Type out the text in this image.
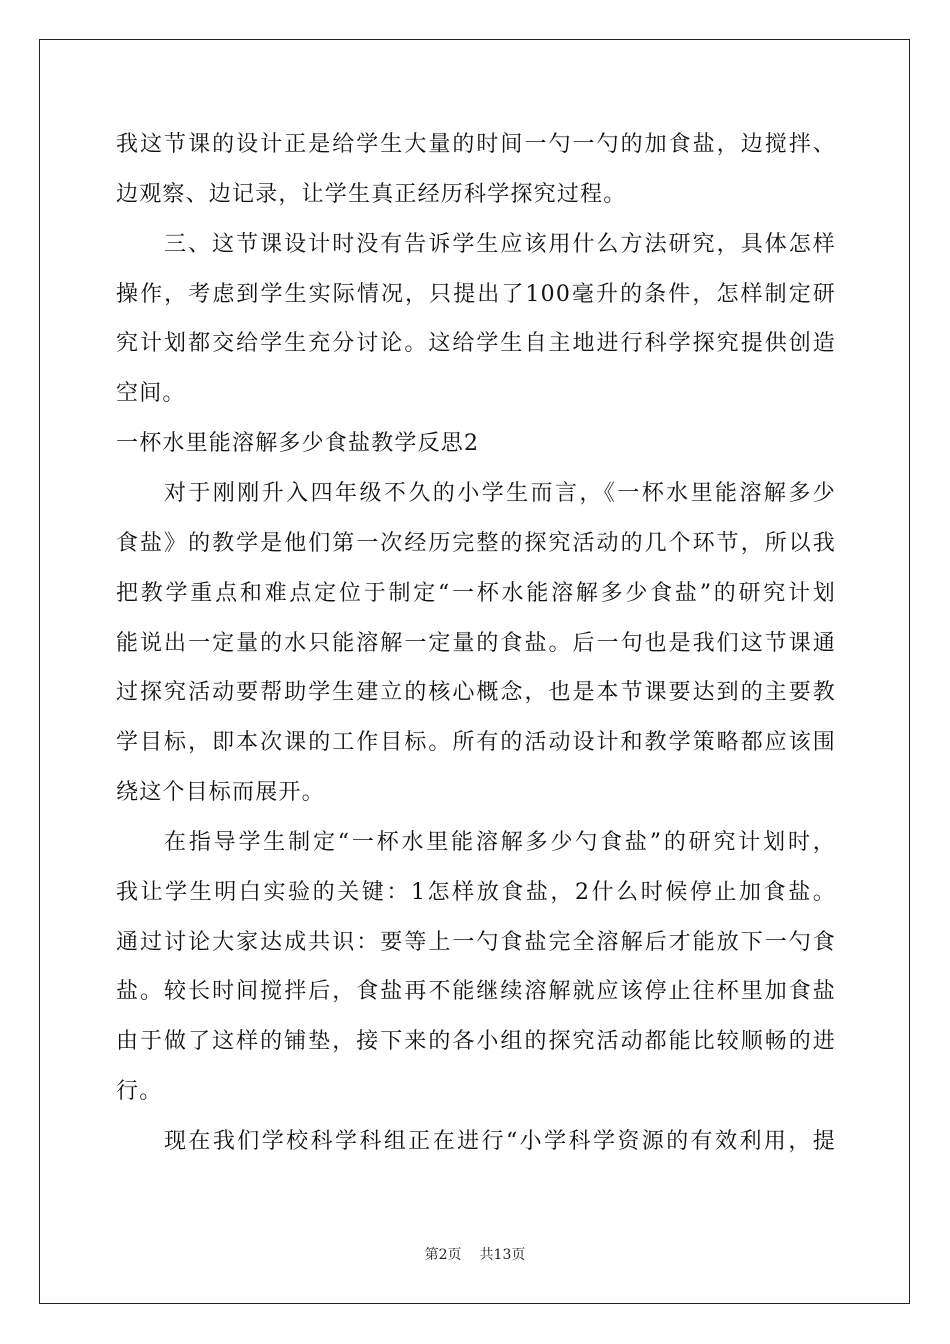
我这节课的设计正是给学生大量的时间一勺一勺的加食盐，边搅拌、
边观察、边记录，让学生真正经历科学探究过程。
三、这节课设计时没有告诉学生应该用什么方法研究，具体怎样
操作，考虑到学生实际情况，只提出了100毫升的条件，怎样制定研
究计划都交给学生充分讨论。这给学生自主地进行科学探究提供创造
空间。
一杯水里能溶解多少食盐教学反思2
对于刚刚升入四年级不久的小学生而言，《一杯水里能溶解多少
食盐》的教学是他们第一次经历完整的探究活动的几个环节，所以我
把教学重点和难点定位于制定“一杯水能溶解多少食盐”的研究计划
能说出一定量的水只能溶解一定量的食盐。后一句也是我们这节课通
过探究活动要帮助学生建立的核心概念，也是本节课要达到的主要教
学目标，即本次课的工作目标。所有的活动设计和教学策略都应该围
绕这个目标而展开。
在指导学生制定“一杯水里能溶解多少勺食盐”的研究计划时，
我让学生明白实验的关键：1怎样放食盐，2什么时候停止加食盐。
通过讨论大家达成共识：要等上一勺食盐完全溶解后才能放下一勺食
盐。较长时间搅拌后，食盐再不能继续溶解就应该停止往杯里加食盐
由于做了这样的铺垫，接下来的各小组的探究活动都能比较顺畅的进
行。
第2页 共13页
现在我们学校科学科组正在进行“小学科学资源的有效利用，提
